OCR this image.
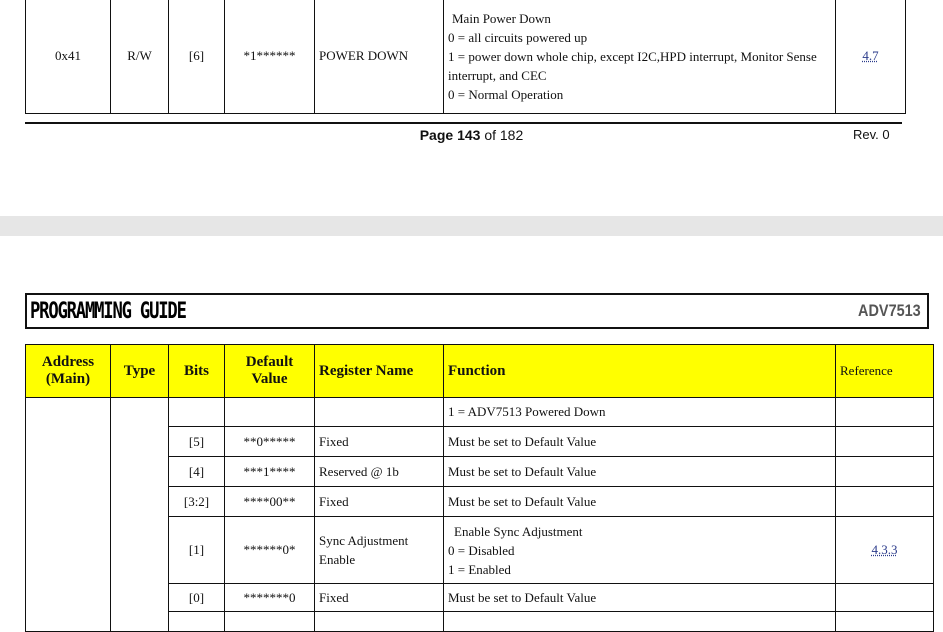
0x41	R/W	[6]	*1******	POWER DOWN	
Main Power Down
0 = all circuits powered up
1 = power down whole chip, except I2C,HPD interrupt, Monitor Sense interrupt, and CEC
0 = Normal Operation
	4.7
Page 143 of 182	Rev. 0
PROGRAMMING GUIDE	ADV7513
Address (Main)	Type	Bits	Default Value	Register Name	Function	Reference
					1 = ADV7513 Powered Down	
		[5]	**0*****	Fixed	Must be set to Default Value	
		[4]	***1****	Reserved @ 1b	Must be set to Default Value	
		[3:2]	****00**	Fixed	Must be set to Default Value	
		[1]	******0*	Sync Adjustment Enable	Enable Sync Adjustment
0 = Disabled
1 = Enabled	4.3.3
		[0]	*******0	Fixed	Must be set to Default Value	
